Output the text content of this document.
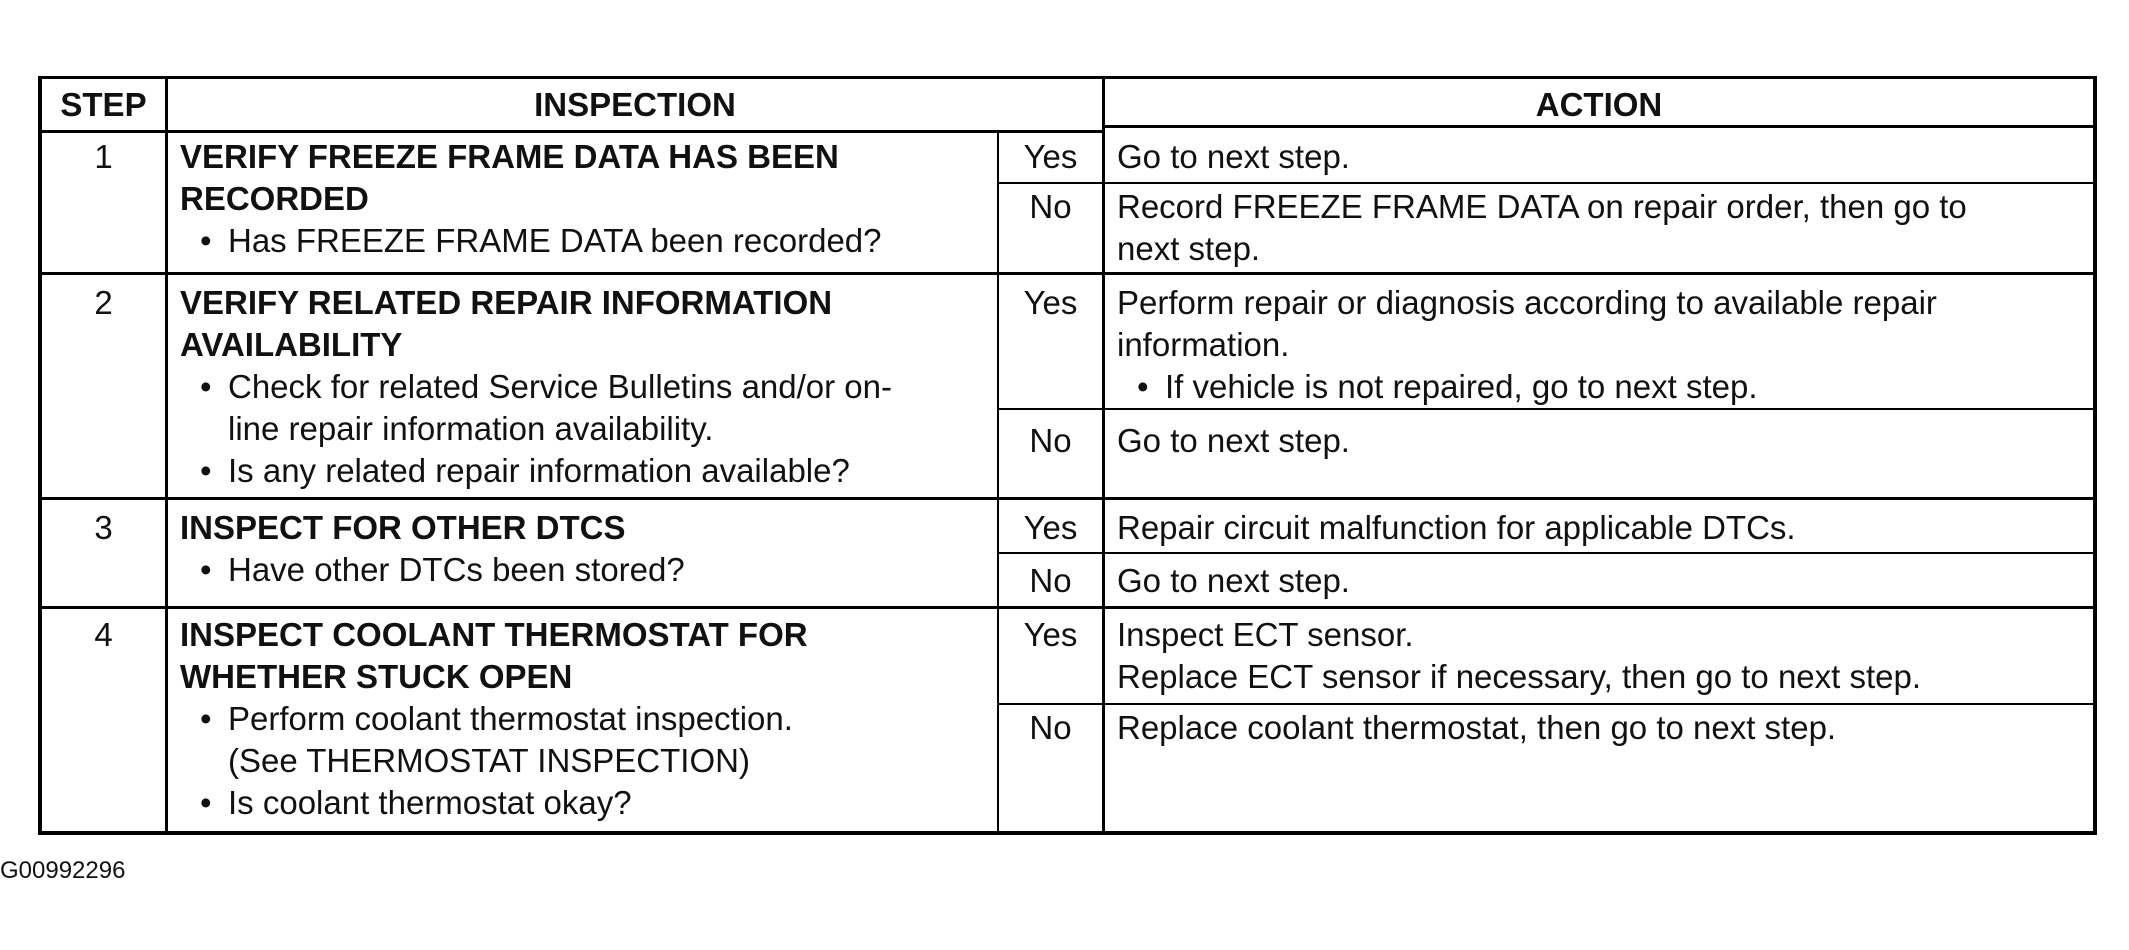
STEP	INSPECTION	ACTION
1	VERIFY FREEZE FRAME DATA HAS BEEN
RECORDED
• Has FREEZE FRAME DATA been recorded?
Yes	Go to next step.
No	Record FREEZE FRAME DATA on repair order, then go to
next step.
2	VERIFY RELATED REPAIR INFORMATION
AVAILABILITY
• Check for related Service Bulletins and/or on-
line repair information availability.
• Is any related repair information available?
Yes	Perform repair or diagnosis according to available repair
information.
• If vehicle is not repaired, go to next step.
No	Go to next step.
3	INSPECT FOR OTHER DTCS
• Have other DTCs been stored?
Yes	Repair circuit malfunction for applicable DTCs.
No	Go to next step.
4	INSPECT COOLANT THERMOSTAT FOR
WHETHER STUCK OPEN
• Perform coolant thermostat inspection.
(See THERMOSTAT INSPECTION)
• Is coolant thermostat okay?
Yes	Inspect ECT sensor.
Replace ECT sensor if necessary, then go to next step.
No	Replace coolant thermostat, then go to next step.
G00992296
